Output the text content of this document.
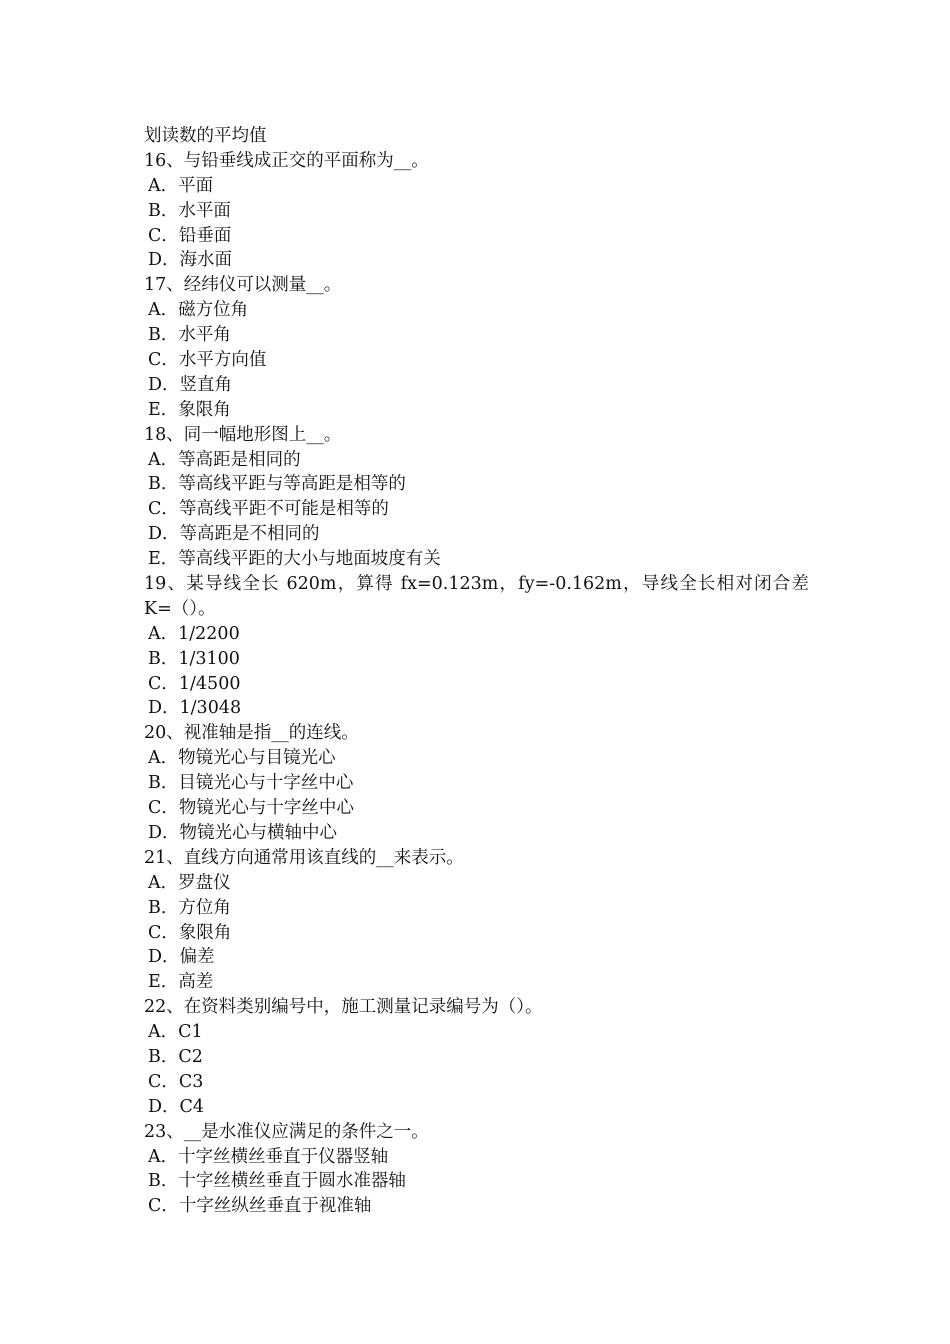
划读数的平均值
16、与铅垂线成正交的平面称为__。
A．平面
B．水平面
C．铅垂面
D．海水面
17、经纬仪可以测量__。
A．磁方位角
B．水平角
C．水平方向值
D．竖直角
E．象限角
18、同一幅地形图上__。
A．等高距是相同的
B．等高线平距与等高距是相等的
C．等高线平距不可能是相等的
D．等高距是不相同的
E．等高线平距的大小与地面坡度有关
19、某导线全长 620m，算得 fx=0.123m，fy=-0.162m，导线全长相对闭合差
K=（）。
A．1/2200
B．1/3100
C．1/4500
D．1/3048
20、视准轴是指__的连线。
A．物镜光心与目镜光心
B．目镜光心与十字丝中心
C．物镜光心与十字丝中心
D．物镜光心与横轴中心
21、直线方向通常用该直线的__来表示。
A．罗盘仪
B．方位角
C．象限角
D．偏差
E．高差
22、在资料类别编号中，施工测量记录编号为（）。
A．C1
B．C2
C．C3
D．C4
23、__是水准仪应满足的条件之一。
A．十字丝横丝垂直于仪器竖轴
B．十字丝横丝垂直于圆水准器轴
C．十字丝纵丝垂直于视准轴
